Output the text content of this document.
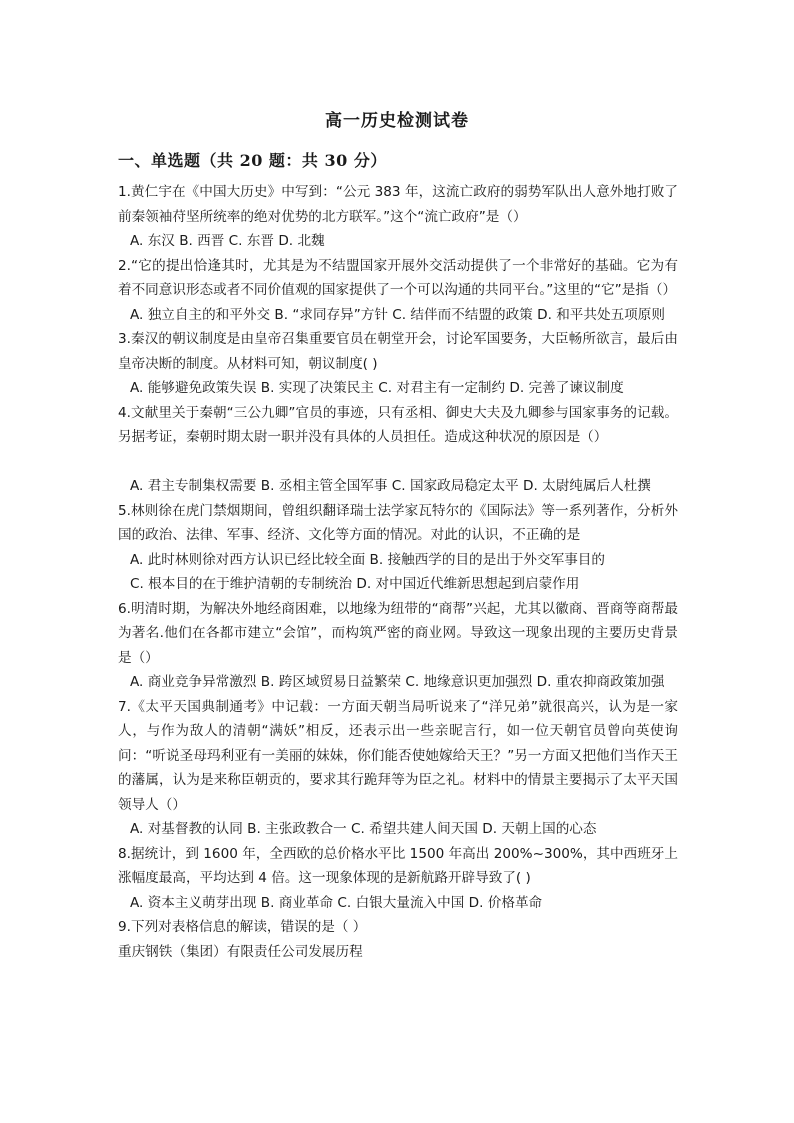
高一历史检测试卷
一、单选题（共 20 题：共 30 分）

1.黄仁宇在《中国大历史》中写到：“公元 383 年，这流亡政府的弱势军队出人意外地打败了前秦领袖苻坚所统率的绝对优势的北方联军。”这个“流亡政府”是（）

A. 东汉 B. 西晋 C. 东晋 D. 北魏

2.“它的提出恰逢其时，尤其是为不结盟国家开展外交活动提供了一个非常好的基础。它为有着不同意识形态或者不同价值观的国家提供了一个可以沟通的共同平台。”这里的“它”是指（）

A. 独立自主的和平外交 B. “求同存异”方针 C. 结伴而不结盟的政策 D. 和平共处五项原则

3.秦汉的朝议制度是由皇帝召集重要官员在朝堂开会，讨论军国要务，大臣畅所欲言，最后由皇帝决断的制度。从材料可知，朝议制度( )

A. 能够避免政策失误 B. 实现了决策民主 C. 对君主有一定制约 D. 完善了谏议制度

4.文献里关于秦朝“三公九卿”官员的事迹，只有丞相、御史大夫及九卿参与国家事务的记载。另据考证，秦朝时期太尉一职并没有具体的人员担任。造成这种状况的原因是（）

A. 君主专制集权需要 B. 丞相主管全国军事 C. 国家政局稳定太平 D. 太尉纯属后人杜撰

5.林则徐在虎门禁烟期间，曾组织翻译瑞士法学家瓦特尔的《国际法》等一系列著作，分析外国的政治、法律、军事、经济、文化等方面的情况。对此的认识，不正确的是

A. 此时林则徐对西方认识已经比较全面 B. 接触西学的目的是出于外交军事目的

C. 根本目的在于维护清朝的专制统治 D. 对中国近代维新思想起到启蒙作用

6.明清时期，为解决外地经商困难，以地缘为纽带的“商帮”兴起，尤其以徽商、晋商等商帮最为著名.他们在各都市建立“会馆”，而构筑严密的商业网。导致这一现象出现的主要历史背景是（）

A. 商业竞争异常激烈 B. 跨区域贸易日益繁荣 C. 地缘意识更加强烈 D. 重农抑商政策加强

7.《太平天国典制通考》中记载：一方面天朝当局听说来了“洋兄弟”就很高兴，认为是一家人，与作为敌人的清朝“满妖”相反，还表示出一些亲昵言行，如一位天朝官员曾向英使询问：“听说圣母玛利亚有一美丽的妹妹，你们能否使她嫁给天王？”另一方面又把他们当作天王的藩属，认为是来称臣朝贡的，要求其行跪拜等为臣之礼。材料中的情景主要揭示了太平天国领导人（）

A. 对基督教的认同 B. 主张政教合一 C. 希望共建人间天国 D. 天朝上国的心态

8.据统计，到 1600 年，全西欧的总价格水平比 1500 年高出 200%~300%，其中西班牙上涨幅度最高，平均达到 4 倍。这一现象体现的是新航路开辟导致了( )

A. 资本主义萌芽出现 B. 商业革命 C. 白银大量流入中国 D. 价格革命

9.下列对表格信息的解读，错误的是（ ）

重庆钢铁（集团）有限责任公司发展历程
